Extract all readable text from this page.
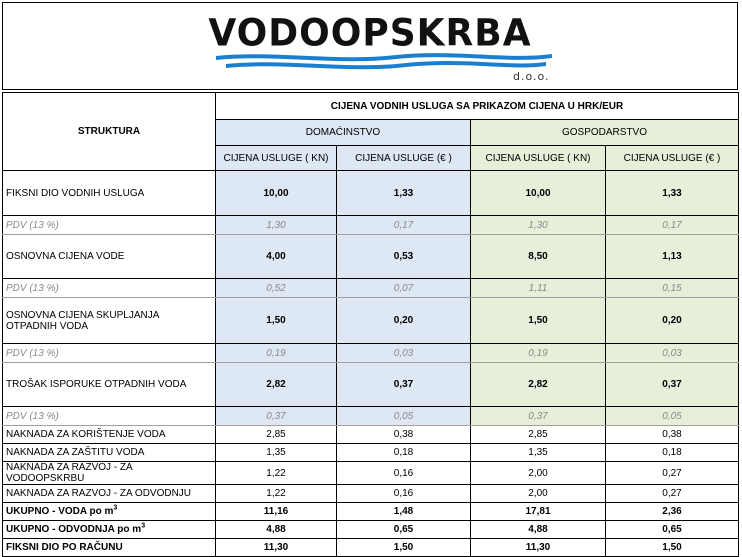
VODOOPSKRBA
d.o.o.
STRUKTURA	CIJENA VODNIH USLUGA SA PRIKAZOM CIJENA U HRK/EUR			
	DOMAĆINSTVO		GOSPODARSTVO	
	CIJENA USLUGE ( KN)	CIJENA USLUGE (€ )	CIJENA USLUGE ( KN)	CIJENA USLUGE (€ )
FIKSNI DIO VODNIH USLUGA	10,00	1,33	10,00	1,33
PDV (13 %)	1,30	0,17	1,30	0,17
OSNOVNA CIJENA VODE	4,00	0,53	8,50	1,13
PDV (13 %)	0,52	0,07	1,11	0,15
OSNOVNA CIJENA SKUPLJANJA OTPADNIH VODA	1,50	0,20	1,50	0,20
PDV (13 %)	0,19	0,03	0,19	0,03
TROŠAK ISPORUKE OTPADNIH VODA	2,82	0,37	2,82	0,37
PDV (13 %)	0,37	0,05	0,37	0,05
NAKNADA ZA KORIŠTENJE VODA	2,85	0,38	2,85	0,38
NAKNADA ZA ZAŠTITU VODA	1,35	0,18	1,35	0,18
NAKNADA ZA RAZVOJ - ZA VODOOPSKRBU	1,22	0,16	2,00	0,27
NAKNADA ZA RAZVOJ - ZA ODVODNJU	1,22	0,16	2,00	0,27
UKUPNO - VODA po $m^3$	11,16	1,48	17,81	2,36
UKUPNO - ODVODNJA po $m^3$	4,88	0,65	4,88	0,65
FIKSNI DIO PO RAČUNU	11,30	1,50	11,30	1,50
